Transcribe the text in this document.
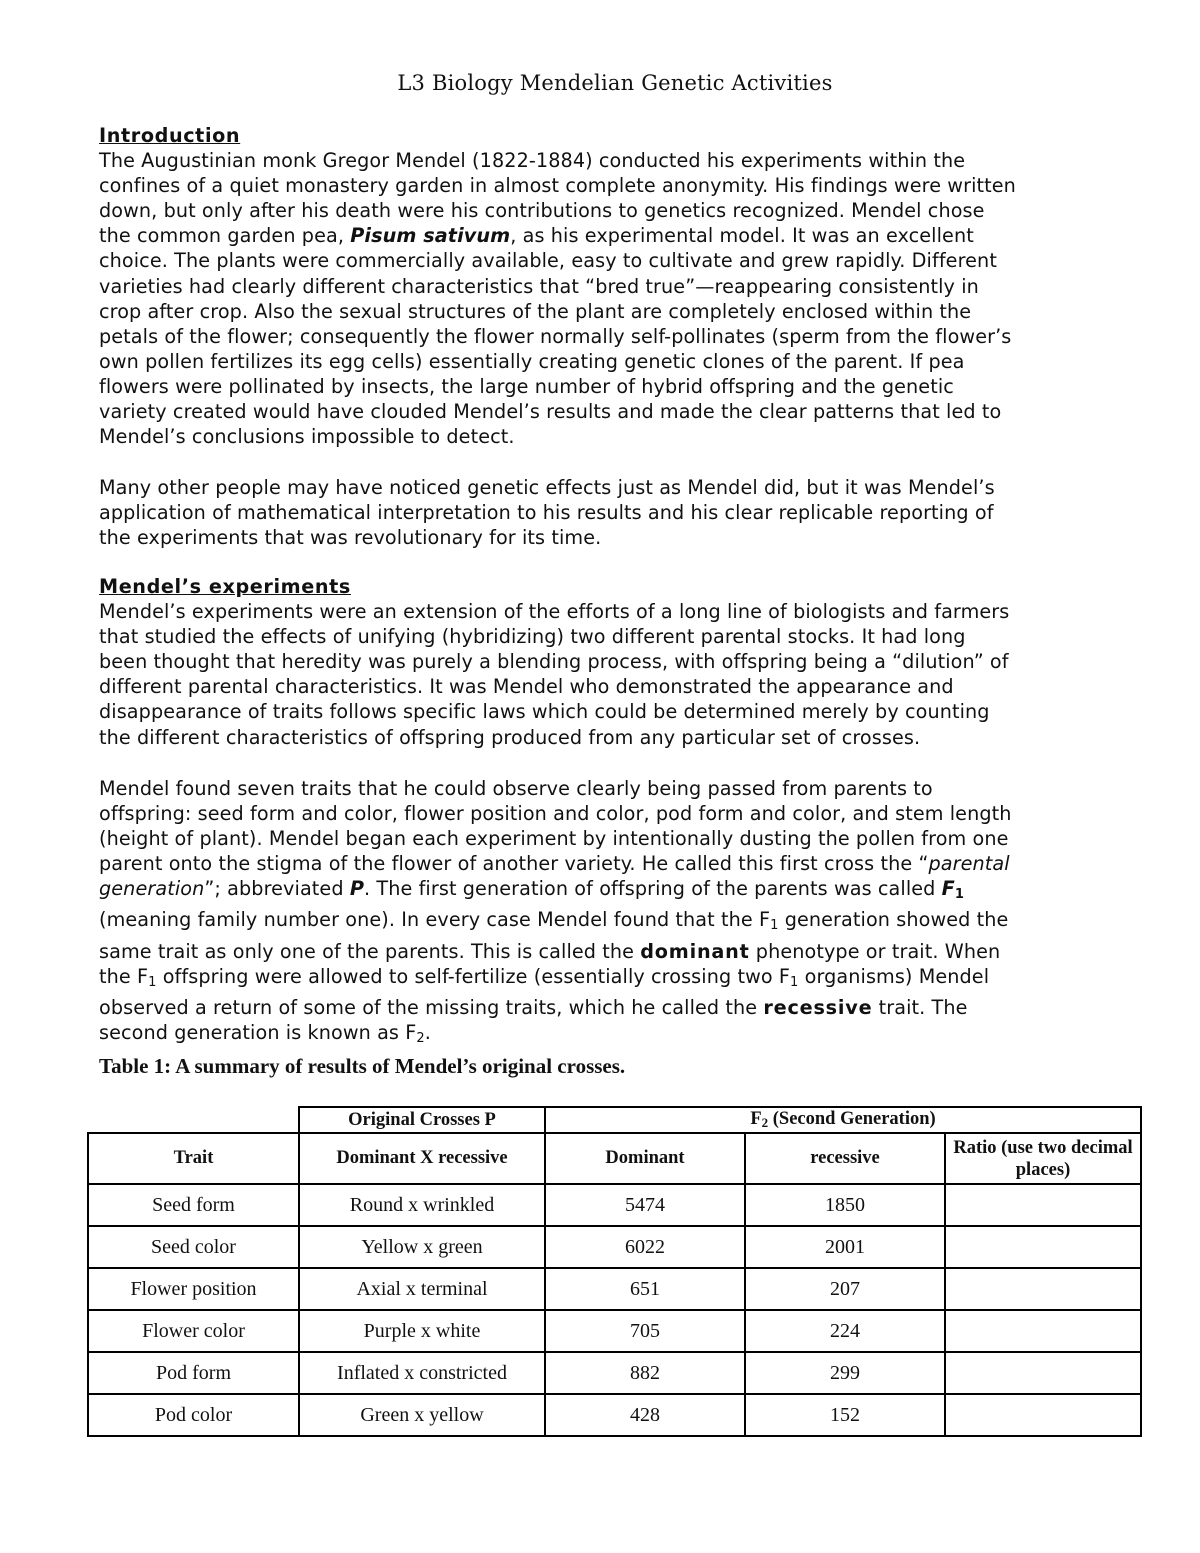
L3 Biology Mendelian Genetic Activities
Introduction
The Augustinian monk Gregor Mendel (1822-1884) conducted his experiments within the
confines of a quiet monastery garden in almost complete anonymity. His findings were written
down, but only after his death were his contributions to genetics recognized. Mendel chose
the common garden pea, Pisum sativum, as his experimental model. It was an excellent
choice. The plants were commercially available, easy to cultivate and grew rapidly. Different
varieties had clearly different characteristics that “bred true”—reappearing consistently in
crop after crop. Also the sexual structures of the plant are completely enclosed within the
petals of the flower; consequently the flower normally self-pollinates (sperm from the flower’s
own pollen fertilizes its egg cells) essentially creating genetic clones of the parent. If pea
flowers were pollinated by insects, the large number of hybrid offspring and the genetic
variety created would have clouded Mendel’s results and made the clear patterns that led to
Mendel’s conclusions impossible to detect.
Many other people may have noticed genetic effects just as Mendel did, but it was Mendel’s
application of mathematical interpretation to his results and his clear replicable reporting of
the experiments that was revolutionary for its time.
Mendel’s experiments
Mendel’s experiments were an extension of the efforts of a long line of biologists and farmers
that studied the effects of unifying (hybridizing) two different parental stocks. It had long
been thought that heredity was purely a blending process, with offspring being a “dilution” of
different parental characteristics. It was Mendel who demonstrated the appearance and
disappearance of traits follows specific laws which could be determined merely by counting
the different characteristics of offspring produced from any particular set of crosses.
Mendel found seven traits that he could observe clearly being passed from parents to
offspring: seed form and color, flower position and color, pod form and color, and stem length
(height of plant). Mendel began each experiment by intentionally dusting the pollen from one
parent onto the stigma of the flower of another variety. He called this first cross the “parental
generation”; abbreviated P. The first generation of offspring of the parents was called F1
(meaning family number one). In every case Mendel found that the $F_1$ generation showed the
same trait as only one of the parents. This is called the dominant phenotype or trait. When
the $F_1$ offspring were allowed to self-fertilize (essentially crossing two $F_1$ organisms) Mendel
observed a return of some of the missing traits, which he called the recessive trait. The
second generation is known as $F_2$.
Table 1: A summary of results of Mendel’s original crosses.
	Original Crosses P	$F_2$ (Second Generation)		
Trait	Dominant X recessive	Dominant	recessive	Ratio (use two decimal places)
Seed form	Round x wrinkled	5474	1850	
Seed color	Yellow x green	6022	2001	
Flower position	Axial x terminal	651	207	
Flower color	Purple x white	705	224	
Pod form	Inflated x constricted	882	299	
Pod color	Green x yellow	428	152	
